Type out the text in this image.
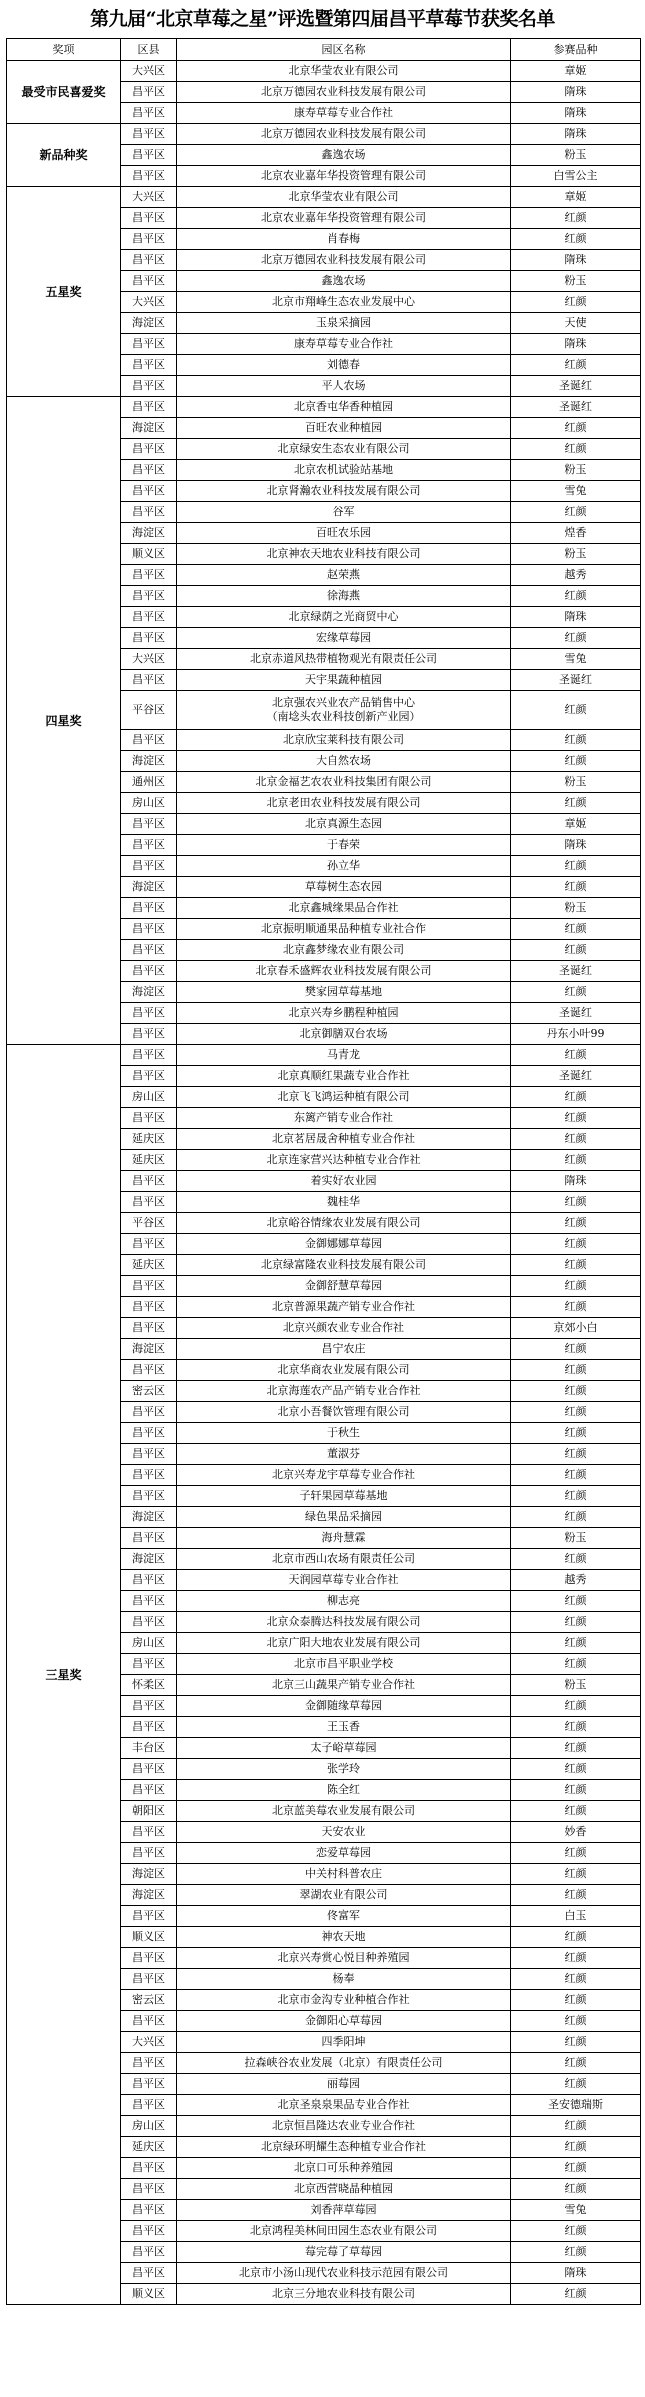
第九届“北京草莓之星”评选暨第四届昌平草莓节获奖名单
奖项	区县	园区名称	参赛品种
最受市民喜爱奖	大兴区	北京华莹农业有限公司	章姬
	昌平区	北京万德园农业科技发展有限公司	隋珠
	昌平区	康寿草莓专业合作社	隋珠
新品种奖	昌平区	北京万德园农业科技发展有限公司	隋珠
	昌平区	鑫逸农场	粉玉
	昌平区	北京农业嘉年华投资管理有限公司	白雪公主
五星奖	大兴区	北京华莹农业有限公司	章姬
	昌平区	北京农业嘉年华投资管理有限公司	红颜
	昌平区	肖春梅	红颜
	昌平区	北京万德园农业科技发展有限公司	隋珠
	昌平区	鑫逸农场	粉玉
	大兴区	北京市翔峰生态农业发展中心	红颜
	海淀区	玉泉采摘园	天使
	昌平区	康寿草莓专业合作社	隋珠
	昌平区	刘德春	红颜
	昌平区	平人农场	圣诞红
四星奖	昌平区	北京香屯华香种植园	圣诞红
	海淀区	百旺农业种植园	红颜
	昌平区	北京绿安生态农业有限公司	红颜
	昌平区	北京农机试验站基地	粉玉
	昌平区	北京肾瀚农业科技发展有限公司	雪兔
	昌平区	谷军	红颜
	海淀区	百旺农乐园	煌香
	顺义区	北京神农天地农业科技有限公司	粉玉
	昌平区	赵荣燕	越秀
	昌平区	徐海燕	红颜
	昌平区	北京绿荫之光商贸中心	隋珠
	昌平区	宏缘草莓园	红颜
	大兴区	北京赤道风热带植物观光有限责任公司	雪兔
	昌平区	天宇果蔬种植园	圣诞红
	平谷区	北京强农兴业农产品销售中心
（南埝头农业科技创新产业园）	红颜
	昌平区	北京欣宝莱科技有限公司	红颜
	海淀区	大自然农场	红颜
	通州区	北京金福艺农农业科技集团有限公司	粉玉
	房山区	北京老田农业科技发展有限公司	红颜
	昌平区	北京真源生态园	章姬
	昌平区	于春荣	隋珠
	昌平区	孙立华	红颜
	海淀区	草莓树生态农园	红颜
	昌平区	北京鑫城缘果品合作社	粉玉
	昌平区	北京振明顺通果品种植专业社合作	红颜
	昌平区	北京鑫梦缘农业有限公司	红颜
	昌平区	北京春禾盛辉农业科技发展有限公司	圣诞红
	海淀区	樊家园草莓基地	红颜
	昌平区	北京兴寿乡鹏程种植园	圣诞红
	昌平区	北京御膳双台农场	丹东小叶99
三星奖	昌平区	马青龙	红颜
	昌平区	北京真顺红果蔬专业合作社	圣诞红
	房山区	北京飞飞鸿运种植有限公司	红颜
	昌平区	东篱产销专业合作社	红颜
	延庆区	北京茗居晟舍种植专业合作社	红颜
	延庆区	北京连家营兴达种植专业合作社	红颜
	昌平区	着实好农业园	隋珠
	昌平区	魏桂华	红颜
	平谷区	北京峪谷情缘农业发展有限公司	红颜
	昌平区	金御娜娜草莓园	红颜
	延庆区	北京绿富隆农业科技发展有限公司	红颜
	昌平区	金御舒慧草莓园	红颜
	昌平区	北京普源果蔬产销专业合作社	红颜
	昌平区	北京兴颜农业专业合作社	京郊小白
	海淀区	昌宁农庄	红颜
	昌平区	北京华商农业发展有限公司	红颜
	密云区	北京海莲农产品产销专业合作社	红颜
	昌平区	北京小吾餐饮管理有限公司	红颜
	昌平区	于秋生	红颜
	昌平区	董淑芬	红颜
	昌平区	北京兴寿龙宇草莓专业合作社	红颜
	昌平区	子轩果园草莓基地	红颜
	海淀区	绿色果品采摘园	红颜
	昌平区	海舟慧霖	粉玉
	海淀区	北京市西山农场有限责任公司	红颜
	昌平区	天润园草莓专业合作社	越秀
	昌平区	柳志亮	红颜
	昌平区	北京众泰腾达科技发展有限公司	红颜
	房山区	北京广阳大地农业发展有限公司	红颜
	昌平区	北京市昌平职业学校	红颜
	怀柔区	北京三山蔬果产销专业合作社	粉玉
	昌平区	金御随缘草莓园	红颜
	昌平区	王玉香	红颜
	丰台区	太子峪草莓园	红颜
	昌平区	张学玲	红颜
	昌平区	陈全红	红颜
	朝阳区	北京蓝美莓农业发展有限公司	红颜
	昌平区	天安农业	妙香
	昌平区	恋爱草莓园	红颜
	海淀区	中关村科普农庄	红颜
	海淀区	翠湖农业有限公司	红颜
	昌平区	佟富军	白玉
	顺义区	神农天地	红颜
	昌平区	北京兴寿赏心悦目种养殖园	红颜
	昌平区	杨奉	红颜
	密云区	北京市金沟专业种植合作社	红颜
	昌平区	金御阳心草莓园	红颜
	大兴区	四季阳坤	红颜
	昌平区	拉森峡谷农业发展（北京）有限责任公司	红颜
	昌平区	丽莓园	红颜
	昌平区	北京圣泉泉果品专业合作社	圣安德瑞斯
	房山区	北京恒昌隆达农业专业合作社	红颜
	延庆区	北京绿环明耀生态种植专业合作社	红颜
	昌平区	北京口可乐种养殖园	红颜
	昌平区	北京西营晓晶种植园	红颜
	昌平区	刘香萍草莓园	雪兔
	昌平区	北京鸿程美林间田园生态农业有限公司	红颜
	昌平区	莓完莓了草莓园	红颜
	昌平区	北京市小汤山现代农业科技示范园有限公司	隋珠
	顺义区	北京三分地农业科技有限公司	红颜
